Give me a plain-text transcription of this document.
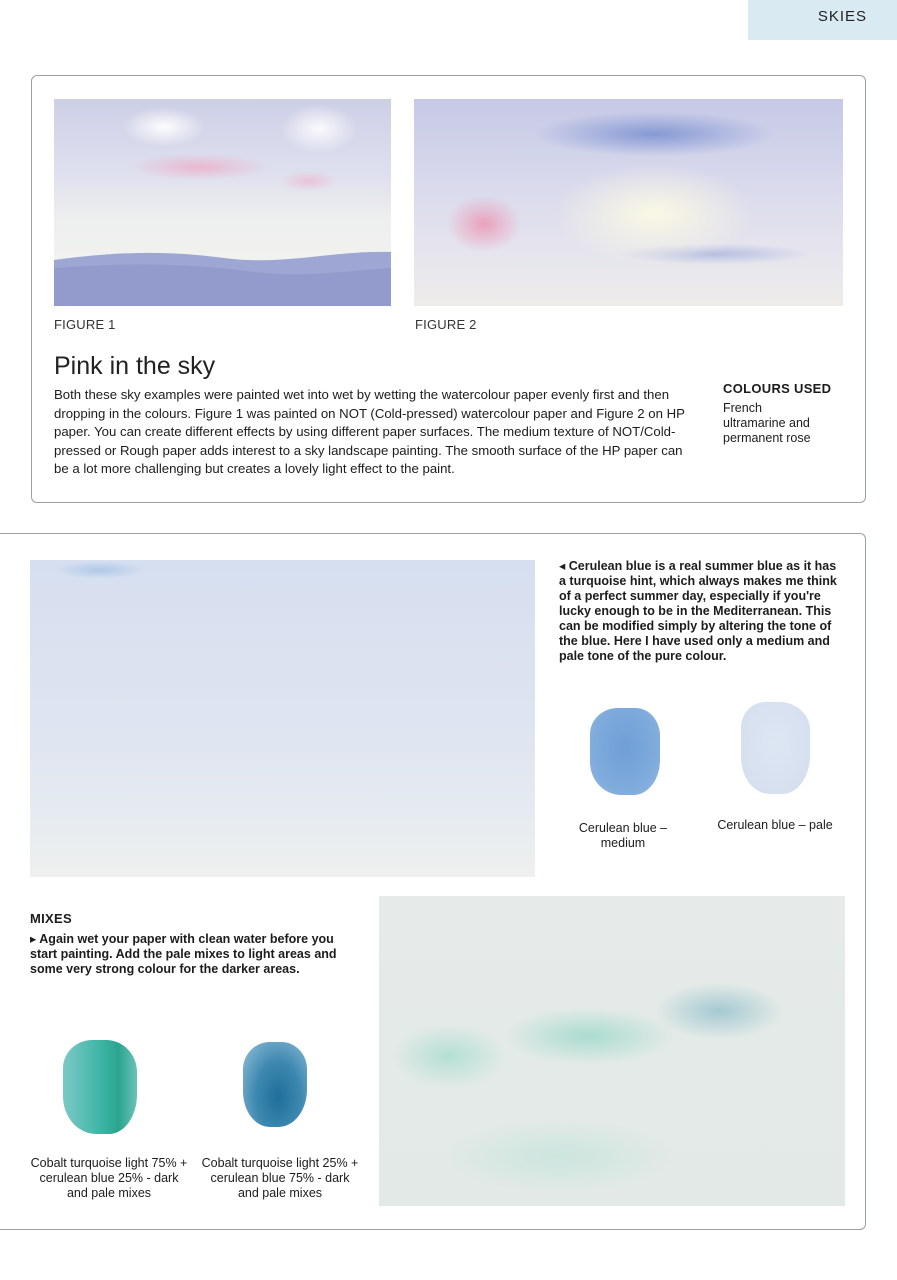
SKIES
FIGURE 1	FIGURE 2
Pink in the sky

Both these sky examples were painted wet into wet by wetting the watercolour paper evenly first and then dropping in the colours. Figure 1 was painted on NOT (Cold-pressed) watercolour paper and Figure 2 on HP paper. You can create different effects by using different paper surfaces. The medium texture of NOT/Cold-pressed or Rough paper adds interest to a sky landscape painting. The smooth surface of the HP paper can be a lot more challenging but creates a lovely light effect to the paint.

COLOURS USED

French ultramarine and permanent rose

◂ Cerulean blue is a real summer blue as it has a turquoise hint, which always makes me think of a perfect summer day, especially if you're lucky enough to be in the Mediterranean. This can be modified simply by altering the tone of the blue. Here I have used only a medium and pale tone of the pure colour.

Cerulean blue – medium
Cerulean blue – pale
MIXES

▸ Again wet your paper with clean water before you start painting. Add the pale mixes to light areas and some very strong colour for the darker areas.

Cobalt turquoise light 75% + cerulean blue 25% - dark and pale mixes
Cobalt turquoise light 25% + cerulean blue 75% - dark and pale mixes
